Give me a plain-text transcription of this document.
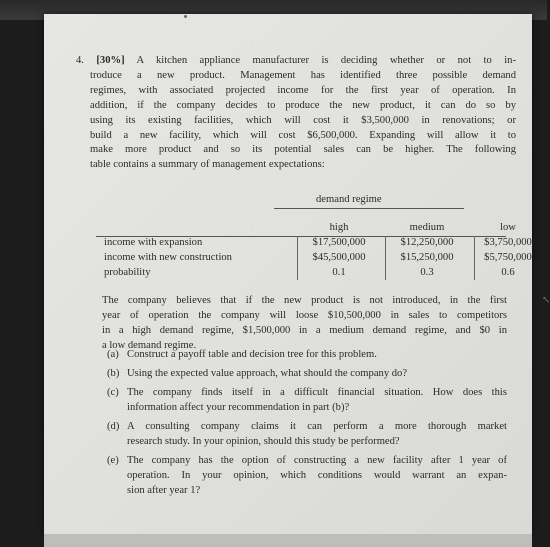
4. [30%] A kitchen appliance manufacturer is deciding whether or not to in-
troduce a new product. Management has identified three possible demand
regimes, with associated projected income for the first year of operation. In
addition, if the company decides to produce the new product, it can do so by
using its existing facilities, which will cost it $3,500,000 in renovations; or
build a new facility, which will cost $6,500,000. Expanding will allow it to
make more product and so its potential sales can be higher. The following
table contains a summary of management expectations:
demand regime
high	medium	low
income with expansion	$17,500,000	$12,250,000	$3,750,000
income with new construction	$45,500,000	$15,250,000	$5,750,000
probability	0.1	0.3	0.6
The company believes that if the new product is not introduced, in the first
year of operation the company will loose $10,500,000 in sales to competitors
in a high demand regime, $1,500,000 in a medium demand regime, and $0 in
a low demand regime.
(a) Construct a payoff table and decision tree for this problem.
(b) Using the expected value approach, what should the company do?
(c) The company finds itself in a difficult financial situation. How does this
information affect your recommendation in part (b)?
(d) A consulting company claims it can perform a more thorough market
research study. In your opinion, should this study be performed?
(e) The company has the option of constructing a new facility after 1 year of
operation. In your opinion, which conditions would warrant an expan-
sion after year 1?
↖
